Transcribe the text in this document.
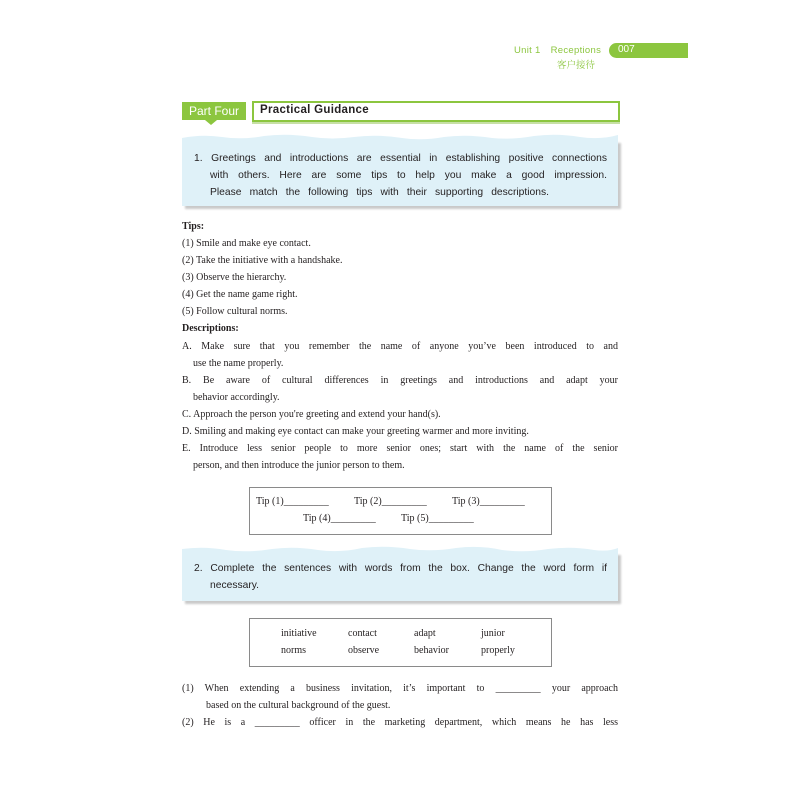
Unit 1 Receptions
客户接待
007
Part Four	Practical Guidance
1. Greetings and introductions are essential in establishing positive connections
with others. Here are some tips to help you make a good impression.
Please match the following tips with their supporting descriptions.
Tips:
(1) Smile and make eye contact.
(2) Take the initiative with a handshake.
(3) Observe the hierarchy.
(4) Get the name game right.
(5) Follow cultural norms.
Descriptions:
A. Make sure that you remember the name of anyone you’ve been introduced to and
use the name properly.
B. Be aware of cultural differences in greetings and introductions and adapt your
behavior accordingly.
C. Approach the person you're greeting and extend your hand(s).
D. Smiling and making eye contact can make your greeting warmer and more inviting.
E. Introduce less senior people to more senior ones; start with the name of the senior
person, and then introduce the junior person to them.
Tip (1)_________	Tip (2)_________	Tip (3)_________
Tip (4)_________	Tip (5)_________
2. Complete the sentences with words from the box. Change the word form if
necessary.
initiative	contact	adapt	junior
norms	observe	behavior	properly
(1) When extending a business invitation, it’s important to _________ your approach
based on the cultural background of the guest.
(2) He is a _________ officer in the marketing department, which means he has less
